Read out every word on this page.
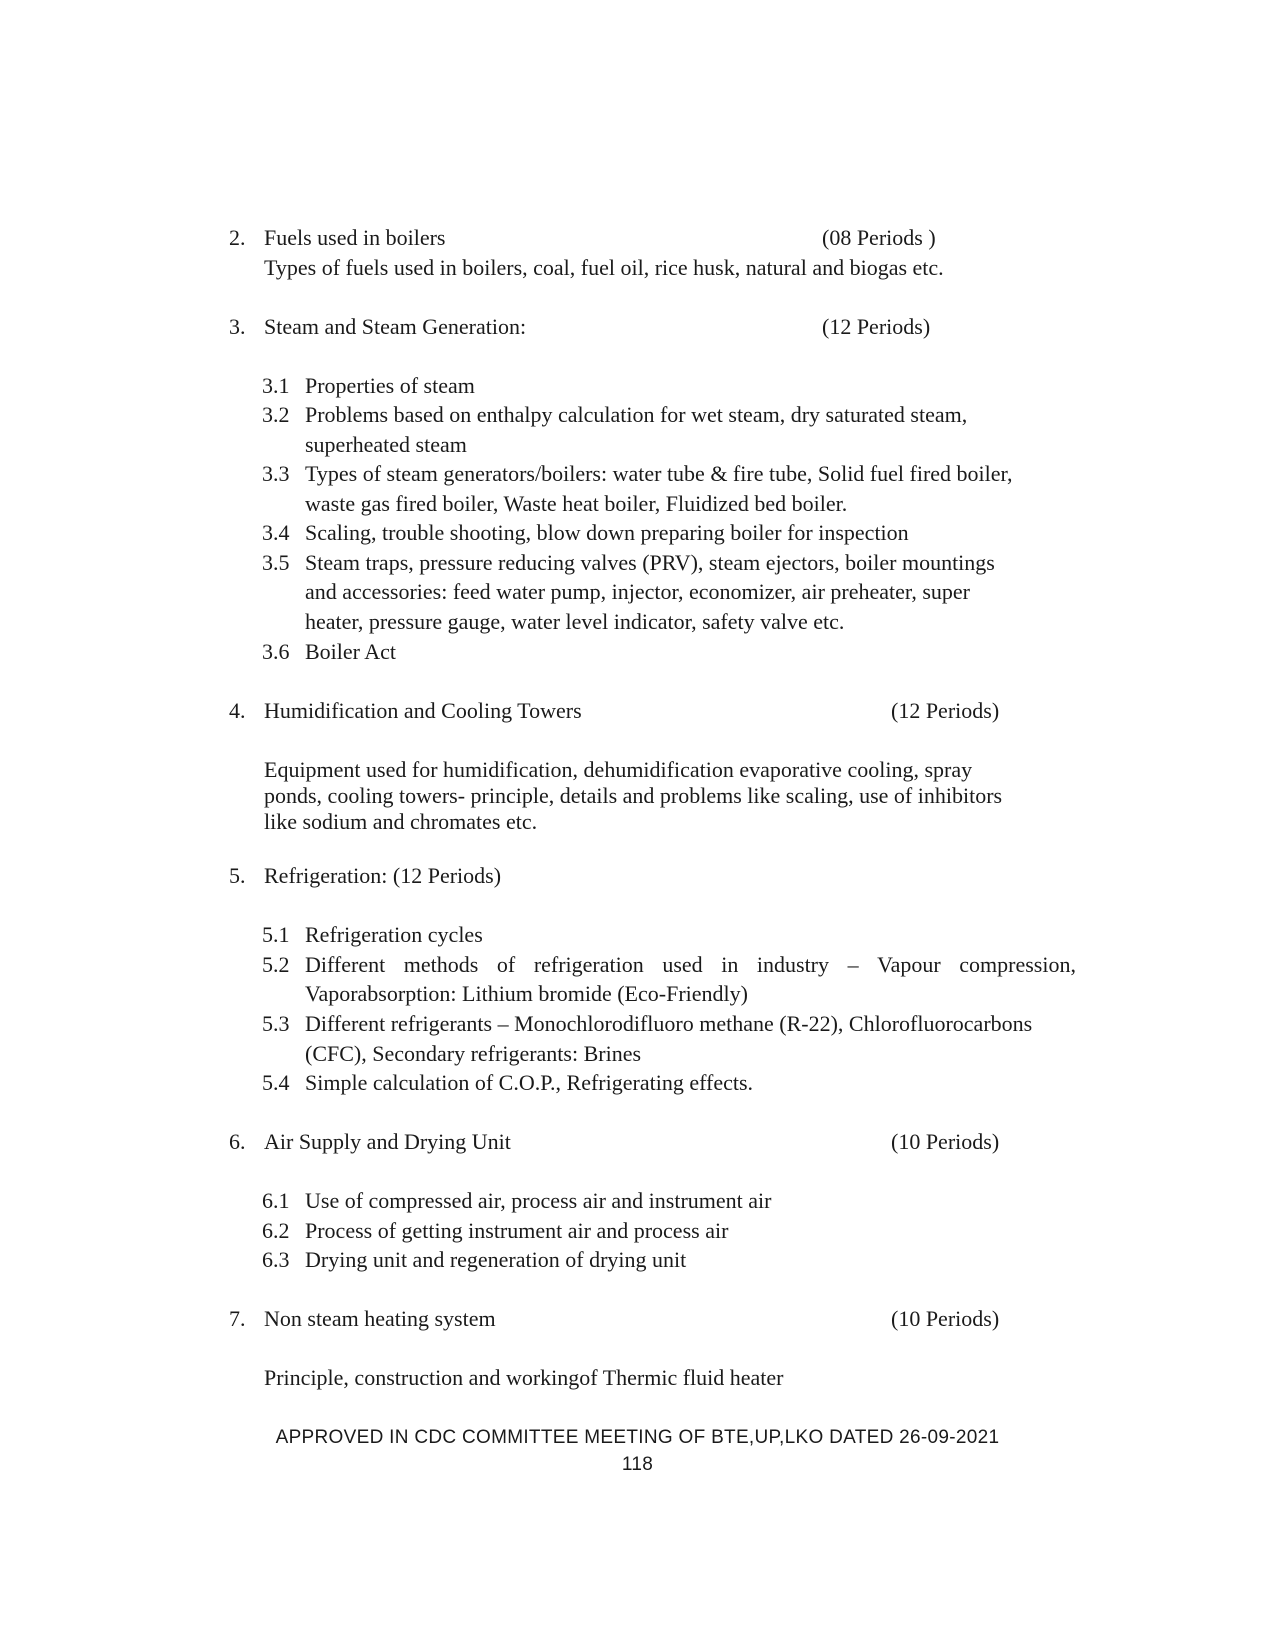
2. Fuels used in boilers	(08 Periods )
Types of fuels used in boilers, coal, fuel oil, rice husk, natural and biogas etc.
3. Steam and Steam Generation:	(12 Periods)
3.1 Properties of steam
3.2 Problems based on enthalpy calculation for wet steam, dry saturated steam,
superheated steam
3.3 Types of steam generators/boilers: water tube & fire tube, Solid fuel fired boiler,
waste gas fired boiler, Waste heat boiler, Fluidized bed boiler.
3.4 Scaling, trouble shooting, blow down preparing boiler for inspection
3.5 Steam traps, pressure reducing valves (PRV), steam ejectors, boiler mountings
and accessories: feed water pump, injector, economizer, air preheater, super
heater, pressure gauge, water level indicator, safety valve etc.
3.6 Boiler Act
4. Humidification and Cooling Towers	(12 Periods)
Equipment used for humidification, dehumidification evaporative cooling, spray
ponds, cooling towers- principle, details and problems like scaling, use of inhibitors
like sodium and chromates etc.
5. Refrigeration: (12 Periods)
5.1 Refrigeration cycles
5.2 Different methods of refrigeration used in industry – Vapour compression,
Vaporabsorption: Lithium bromide (Eco-Friendly)
5.3 Different refrigerants – Monochlorodifluoro methane (R-22), Chlorofluorocarbons
(CFC), Secondary refrigerants: Brines
5.4 Simple calculation of C.O.P., Refrigerating effects.
6. Air Supply and Drying Unit	(10 Periods)
6.1 Use of compressed air, process air and instrument air
6.2 Process of getting instrument air and process air
6.3 Drying unit and regeneration of drying unit
7. Non steam heating system	(10 Periods)
Principle, construction and workingof Thermic fluid heater
APPROVED IN CDC COMMITTEE MEETING OF BTE,UP,LKO DATED 26-09-2021
118
